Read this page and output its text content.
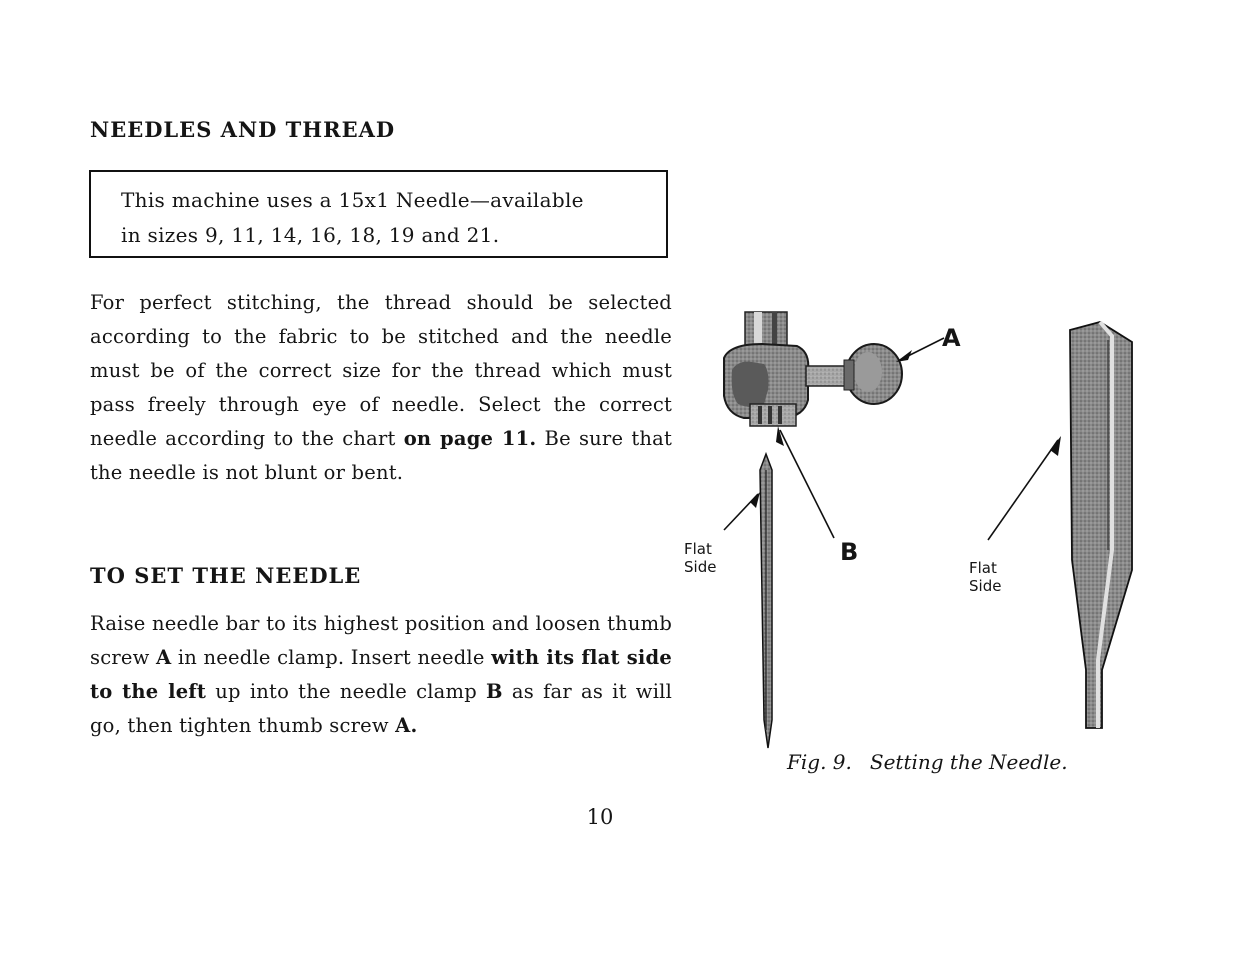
NEEDLES AND THREAD

This machine uses a 15x1 Needle—available

in sizes 9, 11, 14, 16, 18, 19 and 21.

For perfect stitching, the thread should be selected according to the fabric to be stitched and the needle must be of the correct size for the thread which must pass freely through eye of needle. Select the correct needle according to the chart on page 11. Be sure that the needle is not blunt or bent.

TO SET THE NEEDLE

Raise needle bar to its highest position and loosen thumb screw A in needle clamp. Insert needle with its flat side to the left up into the needle clamp B as far as it will go, then tighten thumb screw A.

A
B
Flat
Side	Flat
Side
Fig. 9. Setting the Needle.
10
